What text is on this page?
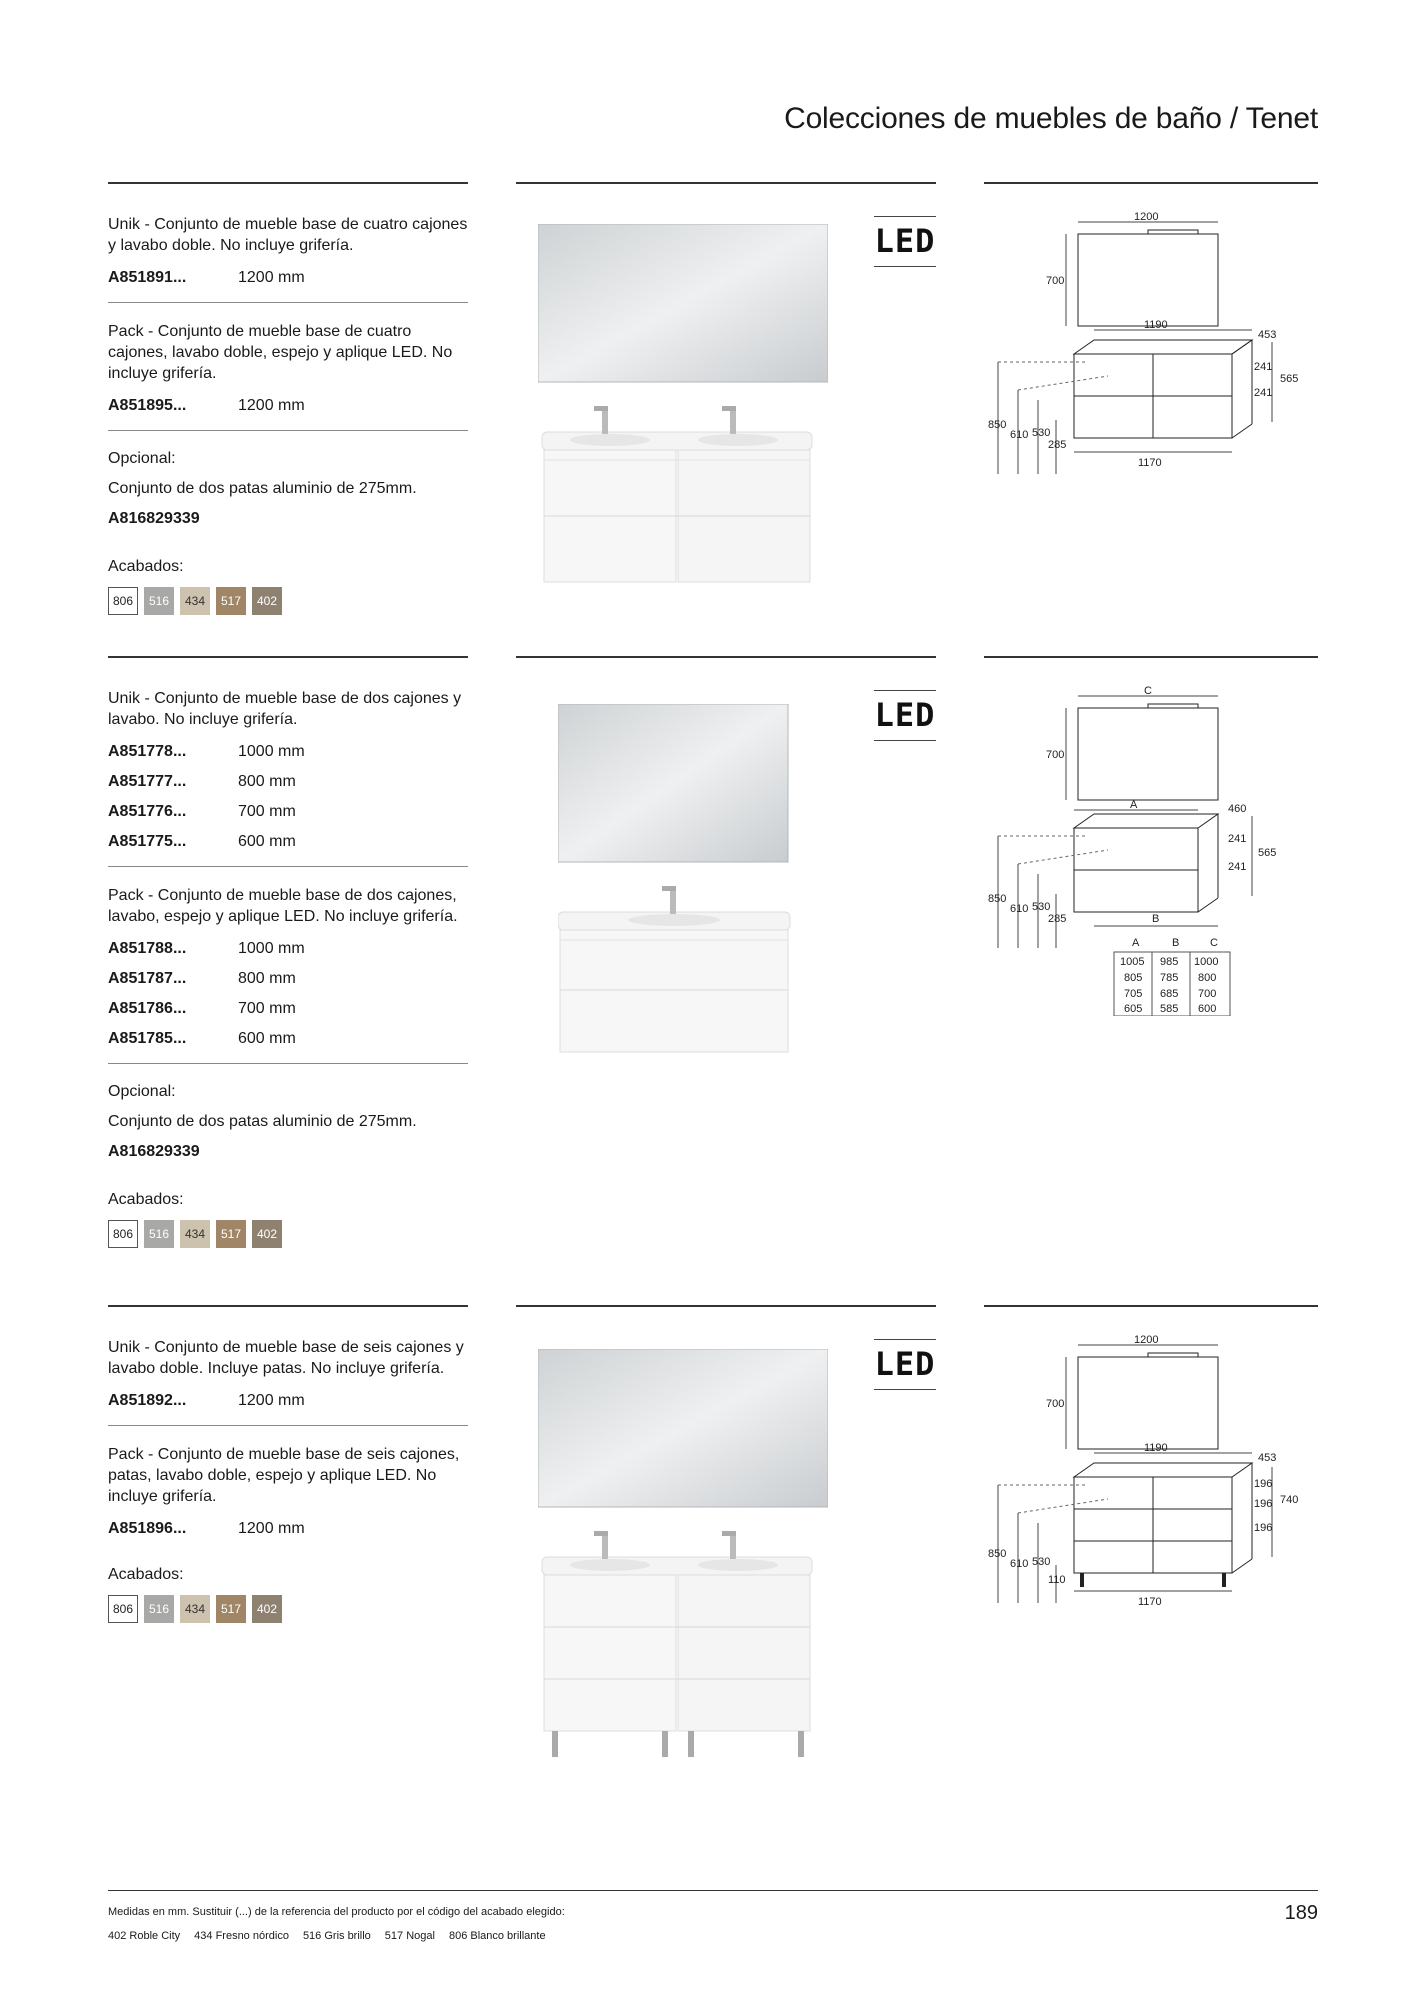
Colecciones de muebles de baño / Tenet
Unik - Conjunto de mueble base de cuatro cajones y lavabo doble. No incluye grifería.
A851891...	1200 mm
Pack - Conjunto de mueble base de cuatro cajones, lavabo doble, espejo y aplique LED. No incluye grifería.
A851895...	1200 mm
Opcional:
Conjunto de dos patas aluminio de 275mm.
A816829339
Acabados:
806	516	434	517	402
LED
1200
700
1190
453
241
241
565
1170
850
610 530
285
Unik - Conjunto de mueble base de dos cajones y lavabo. No incluye grifería.
A851778...	1000 mm
A851777...	800 mm
A851776...	700 mm
A851775...	600 mm
Pack - Conjunto de mueble base de dos cajones, lavabo, espejo y aplique LED. No incluye grifería.
A851788...	1000 mm
A851787...	800 mm
A851786...	700 mm
A851785...	600 mm
Opcional:
Conjunto de dos patas aluminio de 275mm.
A816829339
Acabados:
806	516	434	517	402
LED
C
700
A	460
241
241
565
B
850
610 530
285
A	B	C
1005 985 1000
805 785 800
705 685 700
605 585 600
Unik - Conjunto de mueble base de seis cajones y lavabo doble. Incluye patas. No incluye grifería.
A851892...	1200 mm
Pack - Conjunto de mueble base de seis cajones, patas, lavabo doble, espejo y aplique LED. No incluye grifería.
A851896...	1200 mm
Acabados:
806	516	434	517	402
LED
1200
700
1190
453
196
196
196
740
1170
850
610 530
110
Medidas en mm. Sustituir (...) de la referencia del producto por el código del acabado elegido:
402 Roble City 434 Fresno nórdico 516 Gris brillo 517 Nogal 806 Blanco brillante
189
